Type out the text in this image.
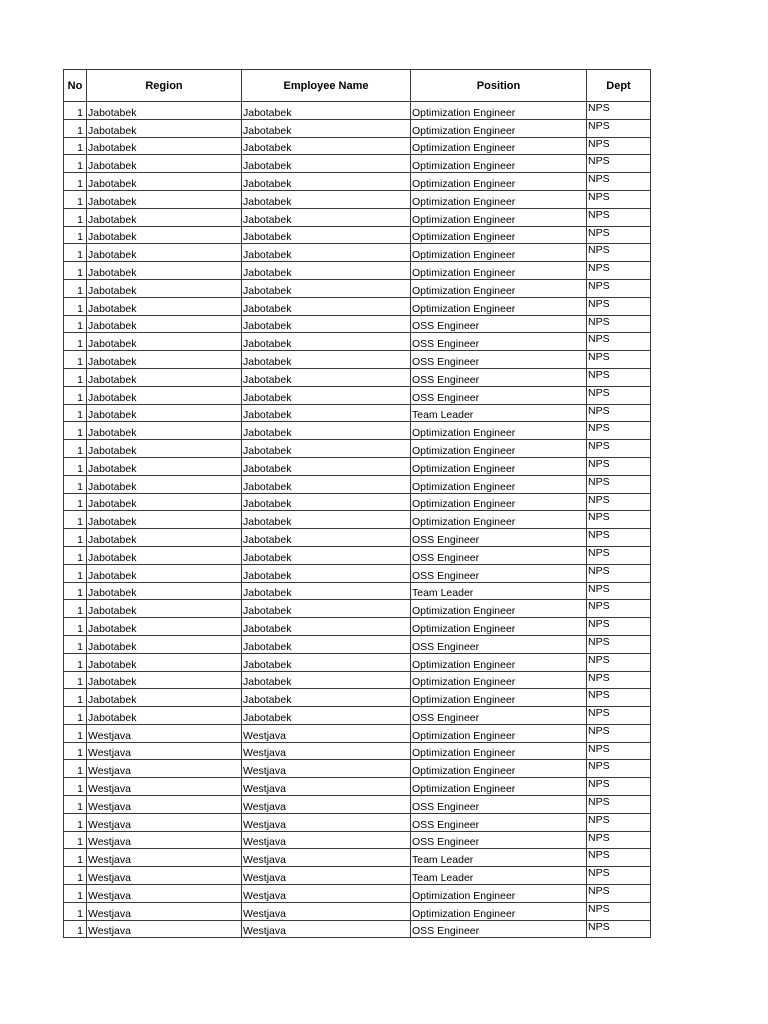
No	Region	Employee Name	Position	Dept
1	Jabotabek	Jabotabek	Optimization Engineer	NPS
1	Jabotabek	Jabotabek	Optimization Engineer	NPS
1	Jabotabek	Jabotabek	Optimization Engineer	NPS
1	Jabotabek	Jabotabek	Optimization Engineer	NPS
1	Jabotabek	Jabotabek	Optimization Engineer	NPS
1	Jabotabek	Jabotabek	Optimization Engineer	NPS
1	Jabotabek	Jabotabek	Optimization Engineer	NPS
1	Jabotabek	Jabotabek	Optimization Engineer	NPS
1	Jabotabek	Jabotabek	Optimization Engineer	NPS
1	Jabotabek	Jabotabek	Optimization Engineer	NPS
1	Jabotabek	Jabotabek	Optimization Engineer	NPS
1	Jabotabek	Jabotabek	Optimization Engineer	NPS
1	Jabotabek	Jabotabek	OSS Engineer	NPS
1	Jabotabek	Jabotabek	OSS Engineer	NPS
1	Jabotabek	Jabotabek	OSS Engineer	NPS
1	Jabotabek	Jabotabek	OSS Engineer	NPS
1	Jabotabek	Jabotabek	OSS Engineer	NPS
1	Jabotabek	Jabotabek	Team Leader	NPS
1	Jabotabek	Jabotabek	Optimization Engineer	NPS
1	Jabotabek	Jabotabek	Optimization Engineer	NPS
1	Jabotabek	Jabotabek	Optimization Engineer	NPS
1	Jabotabek	Jabotabek	Optimization Engineer	NPS
1	Jabotabek	Jabotabek	Optimization Engineer	NPS
1	Jabotabek	Jabotabek	Optimization Engineer	NPS
1	Jabotabek	Jabotabek	OSS Engineer	NPS
1	Jabotabek	Jabotabek	OSS Engineer	NPS
1	Jabotabek	Jabotabek	OSS Engineer	NPS
1	Jabotabek	Jabotabek	Team Leader	NPS
1	Jabotabek	Jabotabek	Optimization Engineer	NPS
1	Jabotabek	Jabotabek	Optimization Engineer	NPS
1	Jabotabek	Jabotabek	OSS Engineer	NPS
1	Jabotabek	Jabotabek	Optimization Engineer	NPS
1	Jabotabek	Jabotabek	Optimization Engineer	NPS
1	Jabotabek	Jabotabek	Optimization Engineer	NPS
1	Jabotabek	Jabotabek	OSS Engineer	NPS
1	Westjava	Westjava	Optimization Engineer	NPS
1	Westjava	Westjava	Optimization Engineer	NPS
1	Westjava	Westjava	Optimization Engineer	NPS
1	Westjava	Westjava	Optimization Engineer	NPS
1	Westjava	Westjava	OSS Engineer	NPS
1	Westjava	Westjava	OSS Engineer	NPS
1	Westjava	Westjava	OSS Engineer	NPS
1	Westjava	Westjava	Team Leader	NPS
1	Westjava	Westjava	Team Leader	NPS
1	Westjava	Westjava	Optimization Engineer	NPS
1	Westjava	Westjava	Optimization Engineer	NPS
1	Westjava	Westjava	OSS Engineer	NPS
